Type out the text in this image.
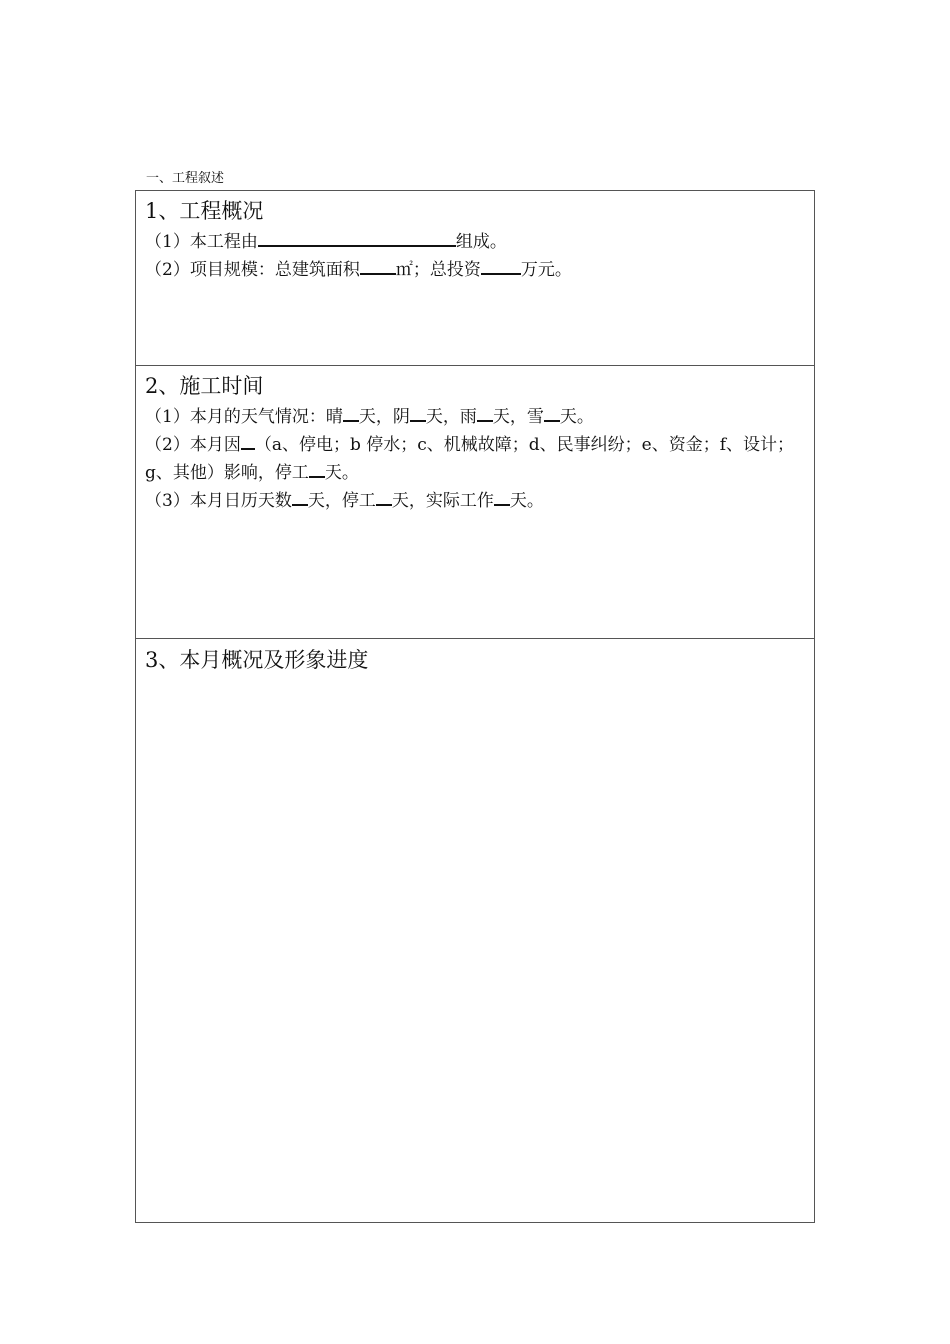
一、工程叙述
1、工程概况
（1）本工程由	组成。
（2）项目规模：总建筑面积 ㎡；总投资 万元。
2、施工时间
（1）本月的天气情况：晴 天，阴 天，雨 天，雪 天。
（2）本月因 （a、停电；b 停水；c、机械故障；d、民事纠纷；e、资金；f、设计；g、其他）影响，停工 天。
（3）本月日历天数 天，停工 天，实际工作 天。
3、本月概况及形象进度
